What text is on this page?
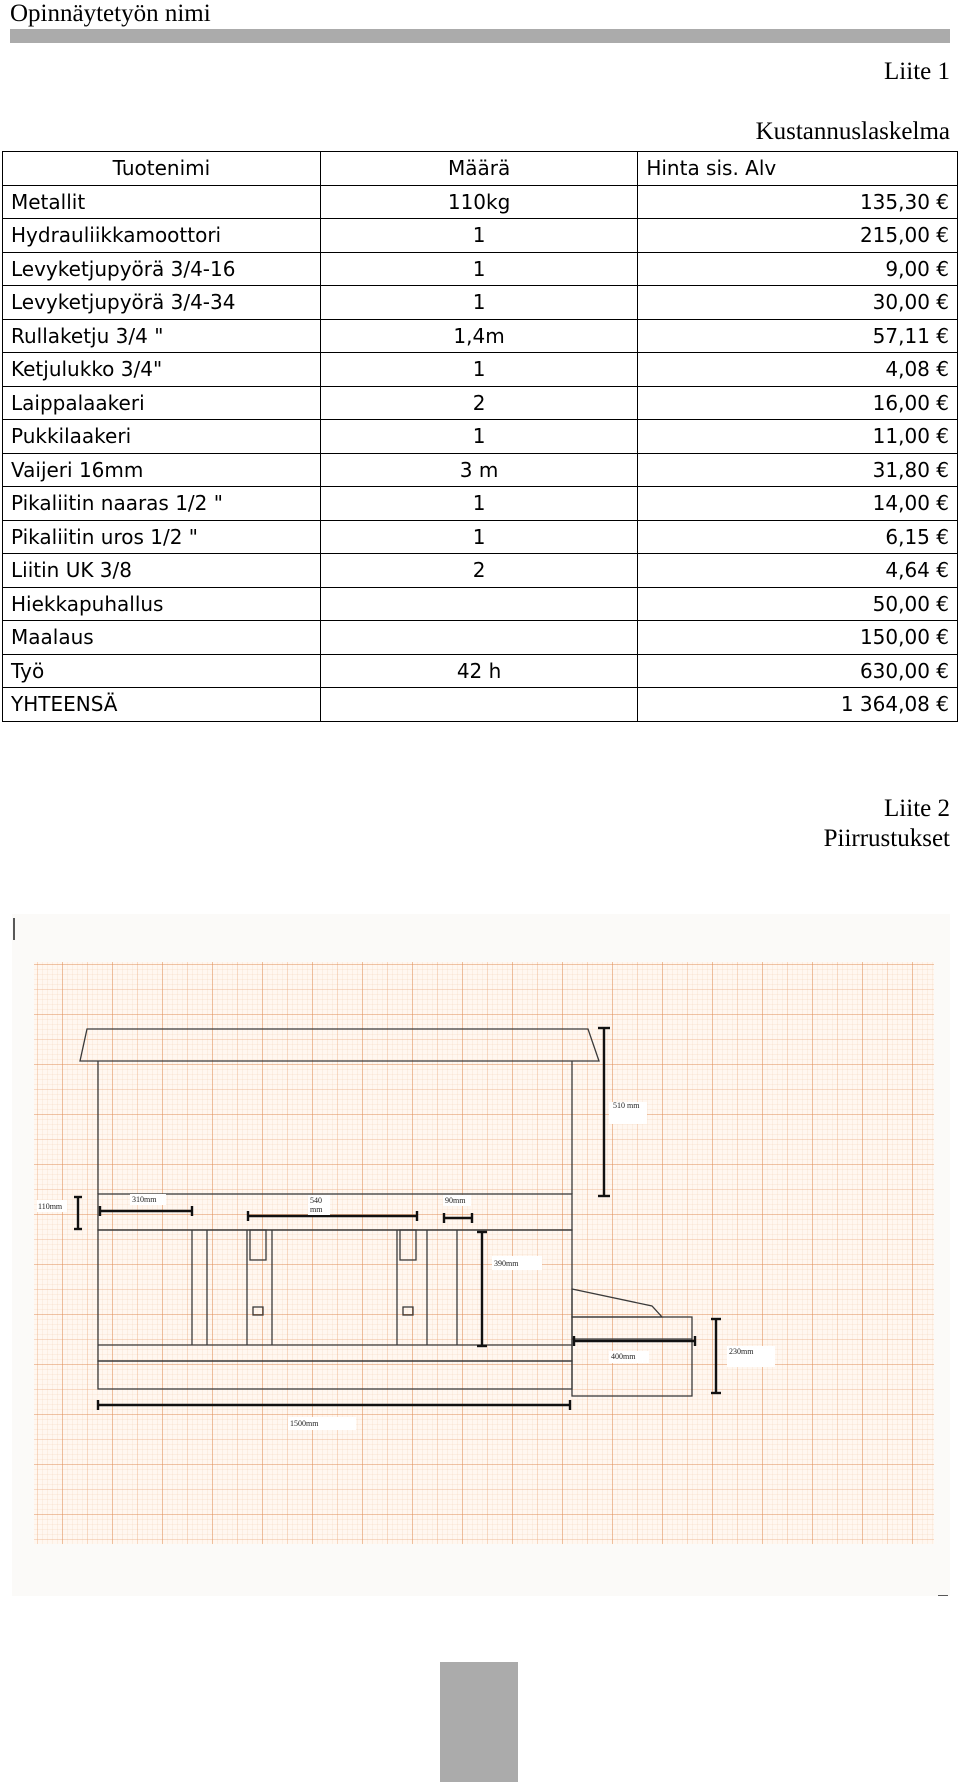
Opinnäytetyön nimi
Liite 1
Kustannuslaskelma
Tuotenimi	Määrä	Hinta sis. Alv
Metallit	110kg	135,30 €
Hydrauliikkamoottori	1	215,00 €
Levyketjupyörä 3/4-16	1	9,00 €
Levyketjupyörä 3/4-34	1	30,00 €
Rullaketju 3/4 "	1,4m	57,11 €
Ketjulukko 3/4"	1	4,08 €
Laippalaakeri	2	16,00 €
Pukkilaakeri	1	11,00 €
Vaijeri 16mm	3 m	31,80 €
Pikaliitin naaras 1/2 "	1	14,00 €
Pikaliitin uros 1/2 "	1	6,15 €
Liitin UK 3/8	2	4,64 €
Hiekkapuhallus		50,00 €
Maalaus		150,00 €
Työ	42 h	630,00 €
YHTEENSÄ		1 364,08 €
Liite 2
Piirrustukset
510 mm
110mm
310mm	540
mm
90mm
390mm
400mm
230mm
1500mm
